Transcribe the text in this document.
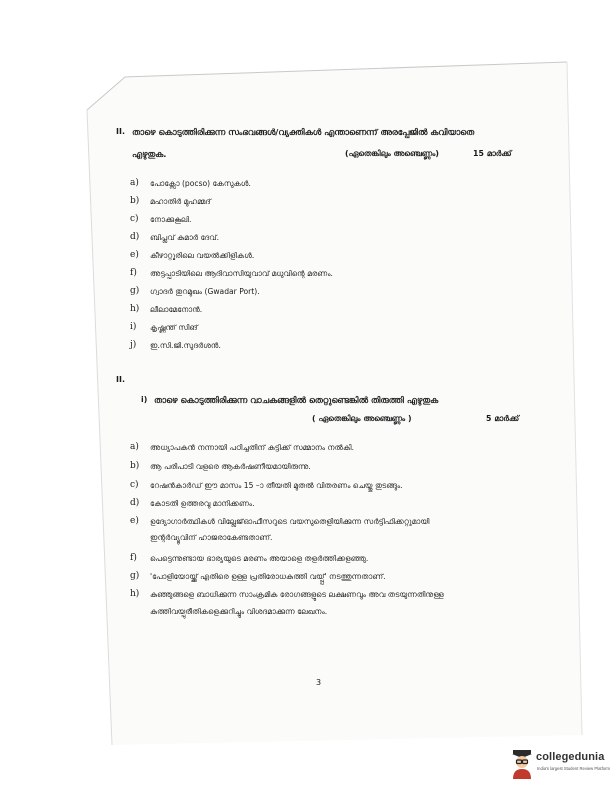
II. താഴെ കൊടുത്തിരിക്കുന്ന സംഭവങ്ങൾ/വ്യക്തികൾ എന്താണെന്ന് അരപ്പേജിൽ കവിയാതെ
എഴുതുക.	(ഏതെങ്കിലും അഞ്ചെണ്ണം)	15 മാർക്ക്
a) പോക്സോ (pocso) കേസുകൾ.
b) മഹാതിർ മുഹമ്മദ്
c) നോക്കുകൂലി.
d) ബിപ്ലവ് കുമാർ ദേവ്.
e) കീഴാറ്റൂരിലെ വയൽക്കിളികൾ.
f) അട്ടപ്പാടിയിലെ ആദിവാസിയുവാവ് മധുവിന്റെ മരണം.
g) ഗ്വാദർ തുറമുഖം (Gwadar Port).
h) ലീലാമേനോൻ.
i) കൃഷ്ണന്ത് സിങ്
j) ഇ.സി.ജി.സുദർശൻ.
II.
i) താഴെ കൊടുത്തിരിക്കുന്ന വാചകങ്ങളിൽ തെറ്റുണ്ടെങ്കിൽ തിരുത്തി എഴുതുക
( ഏതെങ്കിലും അഞ്ചെണ്ണം )	5 മാർക്ക്
a) അധ്യാപകൻ നന്നായി പഠിച്ചതിന് കുട്ടിക്ക് സമ്മാനം നൽകി.
b) ആ പരിപാടി വളരെ ആകർഷണീയമായിരുന്നു.
c) റേഷൻകാർഡ് ഈ മാസം 15 –ാ തീയതി മുതൽ വിതരണം ചെയ്തു തുടങ്ങും.
d) കോടതി ഉത്തരവു മാനിക്കണം.
e) ഉദ്യോഗാർത്ഥികൾ വില്ലേജ്ഓഫീസറുടെ വയസുതെളിയിക്കുന്ന സർട്ടിഫിക്കറ്റുമായി
ഇന്റർവ്യൂവിന് ഹാജരാകേണ്ടതാണ്.
f) പെട്ടെന്നുണ്ടായ ഭാര്യയുടെ മരണം അയാളെ തളർത്തിക്കളഞ്ഞു.
g) 'പോളിയോയ്ക്ക് എതിരെ ഉള്ള പ്രതിരോധകുത്തി വയ്പ്പ്' നടത്തുന്നതാണ്.
h) കുഞ്ഞുങ്ങളെ ബാധിക്കുന്ന സാംക്രമിക രോഗങ്ങളുടെ ലക്ഷണവും അവ തടയുന്നതിനുള്ള
കുത്തിവയ്പുരീതികളെക്കുറിച്ചും വിശദമാക്കുന്ന ലേഖനം.
3
collegedunia
India's largest Student Review Platform
